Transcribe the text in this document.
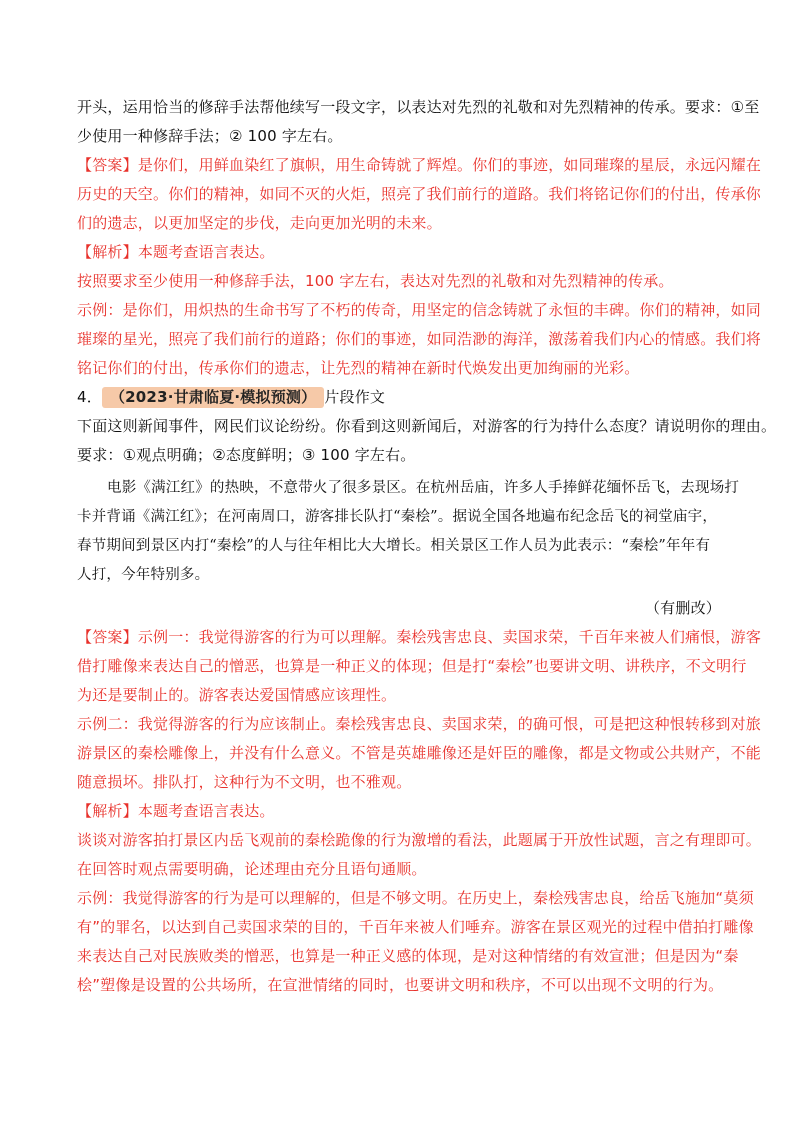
开头，运用恰当的修辞手法帮他续写一段文字，以表达对先烈的礼敬和对先烈精神的传承。要求：①至
少使用一种修辞手法；② 100 字左右。
【答案】是你们，用鲜血染红了旗帜，用生命铸就了辉煌。你们的事迹，如同璀璨的星辰，永远闪耀在
历史的天空。你们的精神，如同不灭的火炬，照亮了我们前行的道路。我们将铭记你们的付出，传承你
们的遗志，以更加坚定的步伐，走向更加光明的未来。
【解析】本题考查语言表达。
按照要求至少使用一种修辞手法，100 字左右，表达对先烈的礼敬和对先烈精神的传承。
示例：是你们，用炽热的生命书写了不朽的传奇，用坚定的信念铸就了永恒的丰碑。你们的精神，如同
璀璨的星光，照亮了我们前行的道路；你们的事迹，如同浩渺的海洋，激荡着我们内心的情感。我们将
铭记你们的付出，传承你们的遗志，让先烈的精神在新时代焕发出更加绚丽的光彩。
4． （2023·甘肃临夏·模拟预测） 片段作文
下面这则新闻事件，网民们议论纷纷。你看到这则新闻后，对游客的行为持什么态度？请说明你的理由。
要求：①观点明确；②态度鲜明；③ 100 字左右。
电影《满江红》的热映，不意带火了很多景区。在杭州岳庙，许多人手捧鲜花缅怀岳飞，去现场打
卡并背诵《满江红》；在河南周口，游客排长队打“秦桧”。据说全国各地遍布纪念岳飞的祠堂庙宇，
春节期间到景区内打“秦桧”的人与往年相比大大增长。相关景区工作人员为此表示：“秦桧”年年有
人打，今年特别多。
（有删改）
【答案】示例一：我觉得游客的行为可以理解。秦桧残害忠良、卖国求荣，千百年来被人们痛恨，游客
借打雕像来表达自己的憎恶，也算是一种正义的体现；但是打“秦桧”也要讲文明、讲秩序，不文明行
为还是要制止的。游客表达爱国情感应该理性。
示例二：我觉得游客的行为应该制止。秦桧残害忠良、卖国求荣，的确可恨，可是把这种恨转移到对旅
游景区的秦桧雕像上，并没有什么意义。不管是英雄雕像还是奸臣的雕像，都是文物或公共财产，不能
随意损坏。排队打，这种行为不文明，也不雅观。
【解析】本题考查语言表达。
谈谈对游客拍打景区内岳飞观前的秦桧跪像的行为激增的看法，此题属于开放性试题，言之有理即可。
在回答时观点需要明确，论述理由充分且语句通顺。
示例：我觉得游客的行为是可以理解的，但是不够文明。在历史上，秦桧残害忠良，给岳飞施加“莫须
有”的罪名，以达到自己卖国求荣的目的，千百年来被人们唾弃。游客在景区观光的过程中借拍打雕像
来表达自己对民族败类的憎恶，也算是一种正义感的体现，是对这种情绪的有效宣泄；但是因为“秦
桧”塑像是设置的公共场所，在宣泄情绪的同时，也要讲文明和秩序，不可以出现不文明的行为。
